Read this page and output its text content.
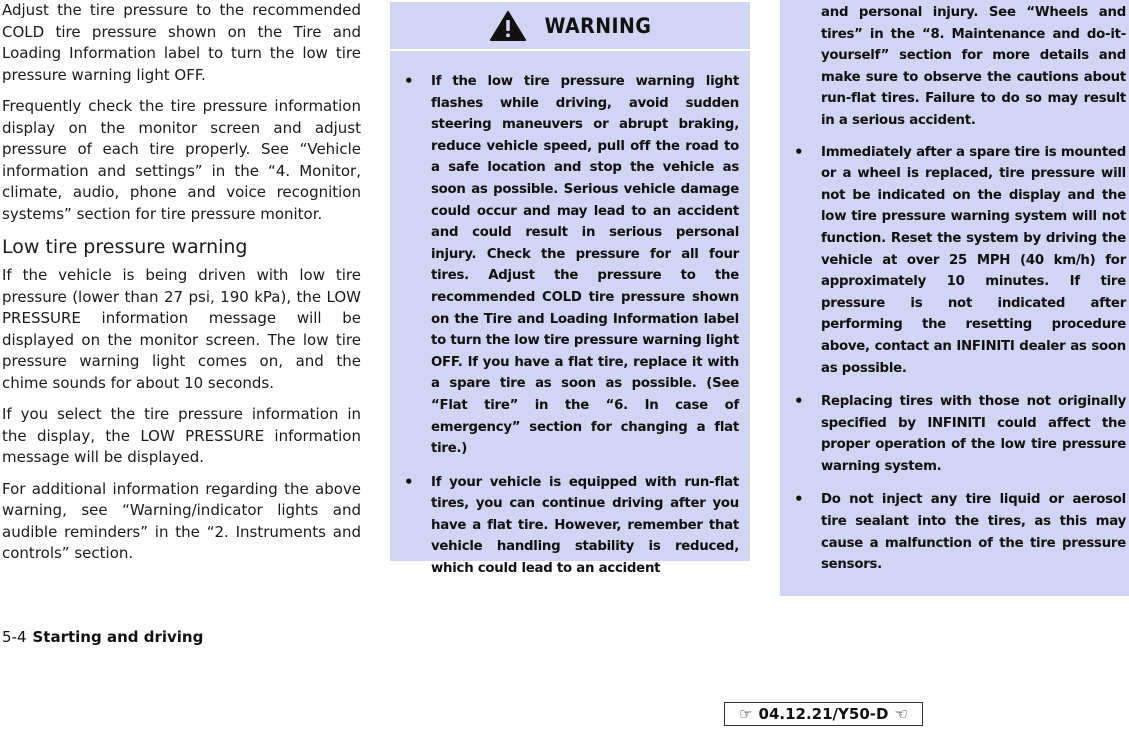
Adjust the tire pressure to the recommended COLD tire pressure shown on the Tire and Loading Information label to turn the low tire pressure warning light OFF.

Frequently check the tire pressure information display on the monitor screen and adjust pressure of each tire properly. See “Vehicle information and settings” in the “4. Monitor, climate, audio, phone and voice recognition systems” section for tire pressure monitor.

Low tire pressure warning

If the vehicle is being driven with low tire pressure (lower than 27 psi, 190 kPa), the LOW PRESSURE information message will be displayed on the monitor screen. The low tire pressure warning light comes on, and the chime sounds for about 10 seconds.

If you select the tire pressure information in the display, the LOW PRESSURE information message will be displayed.

For additional information regarding the above warning, see “Warning/indicator lights and audible reminders” in the “2. Instruments and controls” section.

WARNING
• If the low tire pressure warning light flashes while driving, avoid sudden steering maneuvers or abrupt braking, reduce vehicle speed, pull off the road to a safe location and stop the vehicle as soon as possible. Serious vehicle damage could occur and may lead to an accident and could result in serious personal injury. Check the pressure for all four tires. Adjust the pressure to the recommended COLD tire pressure shown on the Tire and Loading Information label to turn the low tire pressure warning light OFF. If you have a flat tire, replace it with a spare tire as soon as possible. (See “Flat tire” in the “6. In case of emergency” section for changing a flat tire.)
• If your vehicle is equipped with run-flat tires, you can continue driving after you have a flat tire. However, remember that vehicle handling stability is reduced, which could lead to an accident

and personal injury. See “Wheels and tires” in the “8. Maintenance and do-it-yourself” section for more details and make sure to observe the cautions about run-flat tires. Failure to do so may result in a serious accident.

• Immediately after a spare tire is mounted or a wheel is replaced, tire pressure will not be indicated on the display and the low tire pressure warning system will not function. Reset the system by driving the vehicle at over 25 MPH (40 km/h) for approximately 10 minutes. If tire pressure is not indicated after performing the resetting procedure above, contact an INFINITI dealer as soon as possible.
• Replacing tires with those not originally specified by INFINITI could affect the proper operation of the low tire pressure warning system.
• Do not inject any tire liquid or aerosol tire sealant into the tires, as this may cause a malfunction of the tire pressure sensors.
5-4 Starting and driving
☞ 04.12.21/Y50-D ☜
